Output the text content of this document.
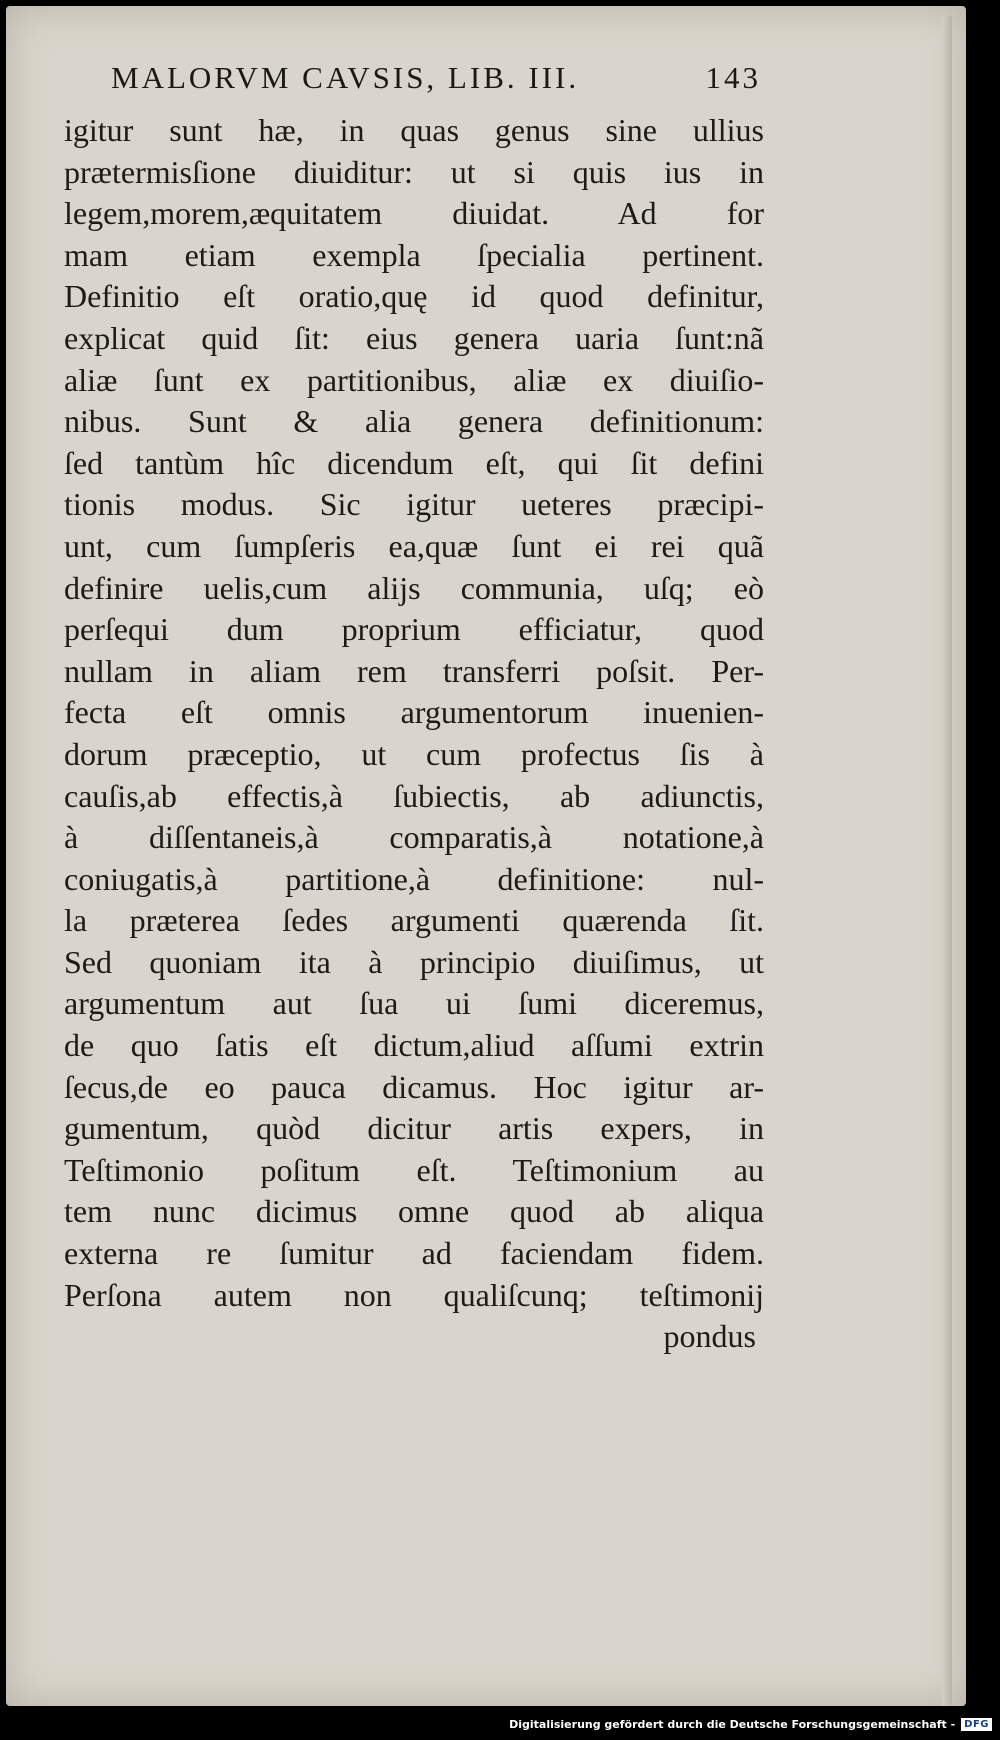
MALORVM CAVSIS, LIB. III.	143
igitur sunt hæ, in quas genus sine ullius
prætermisſione diuiditur: ut si quis ius in
legem,morem,æquitatem diuidat. Ad for
mam etiam exempla ſpecialia pertinent.
Definitio eſt oratio,quę id quod definitur,
explicat quid ſit: eius genera uaria ſunt:nã
aliæ ſunt ex partitionibus, aliæ ex diuiſio-
nibus. Sunt & alia genera definitionum:
ſed tantùm hîc dicendum eſt, qui ſit defini
tionis modus. Sic igitur ueteres præcipi-
unt, cum ſumpſeris ea,quæ ſunt ei rei quã
definire uelis,cum alijs communia, uſq; eò
perſequi dum proprium efficiatur, quod
nullam in aliam rem transferri poſsit. Per-
fecta eſt omnis argumentorum inuenien-
dorum præceptio, ut cum profectus ſis à
cauſis,ab effectis,à ſubiectis, ab adiunctis,
à diſſentaneis,à comparatis,à notatione,à
coniugatis,à partitione,à definitione: nul-
la præterea ſedes argumenti quærenda ſit.
Sed quoniam ita à principio diuiſimus, ut
argumentum aut ſua ui ſumi diceremus,
de quo ſatis eſt dictum,aliud aſſumi extrin
ſecus,de eo pauca dicamus. Hoc igitur ar-
gumentum, quòd dicitur artis expers, in
Teſtimonio poſitum eſt. Teſtimonium au
tem nunc dicimus omne quod ab aliqua
externa re ſumitur ad faciendam fidem.
Perſona autem non qualiſcunq; teſtimonij
pondus
Digitalisierung gefördert durch die Deutsche Forschungsgemeinschaft - DFG
